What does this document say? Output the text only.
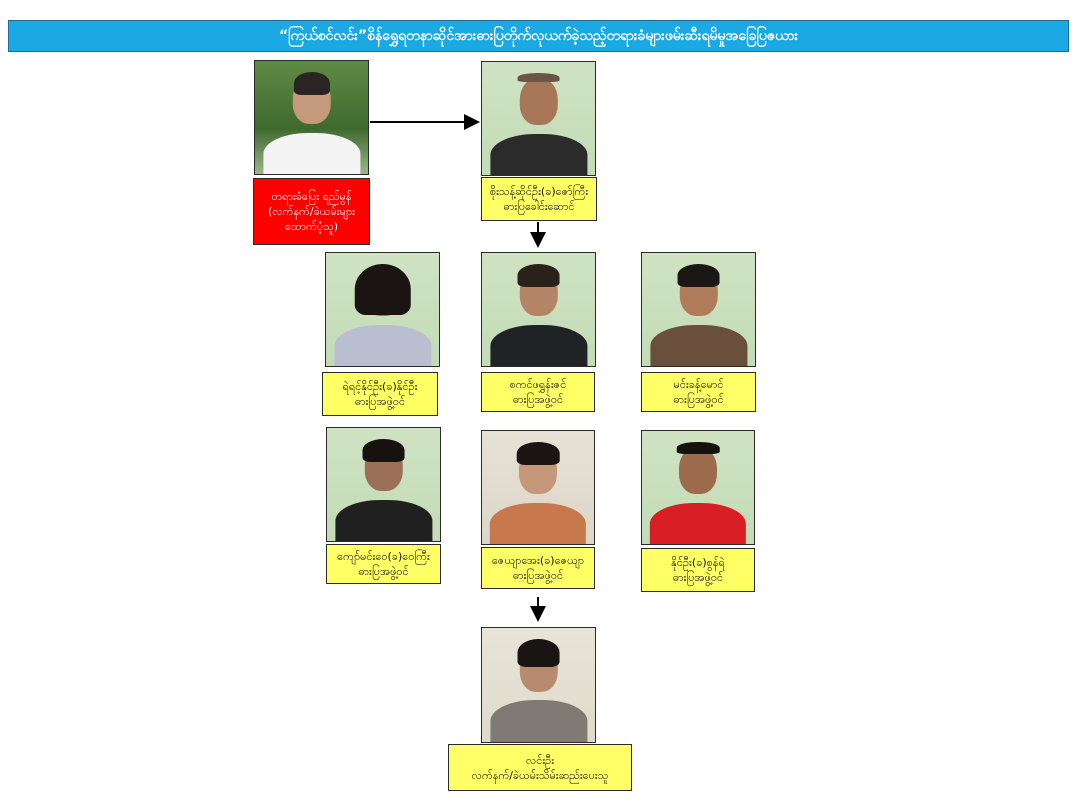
“ကြယ်စင်လင်း”စိန်ရွှေရတနာဆိုင်အားဓားပြတိုက်လုယက်ခဲ့သည့်တရားခံများဖမ်းဆီးရမိမှုအခြေပြဇယား
တရားခံပြေး ရည်မွန်
(လက်နက်/ခဲယမ်းများ
ထောက်ပံ့သူ)
စိုးသန့်ဆိုင်ဦး(ခ)ဇော်ကြီး
ဓားပြခေါင်းဆောင်
ရဲရင့်နိုင်ဦး(ခ)နိုင်ဦး
ဓားပြအဖွဲ့ဝင်
စကင်ဖရွှန်းဇင်
ဓားပြအဖွဲ့ဝင်
မင်းခန့်မောင်
ဓားပြအဖွဲ့ဝင်
ကျော်မင်းဝေ(ခ)ဝေကြီး
ဓားပြအဖွဲ့ဝင်
ဇေယျာအေး(ခ)ဇေယျာ
ဓားပြအဖွဲ့ဝင်
နိုင်ဦး(ခ)စွန်ရဲ
ဓားပြအဖွဲ့ဝင်
လင်းဦး
လက်နက်/ခဲယမ်းသိမ်းဆည်းပေးသူ
